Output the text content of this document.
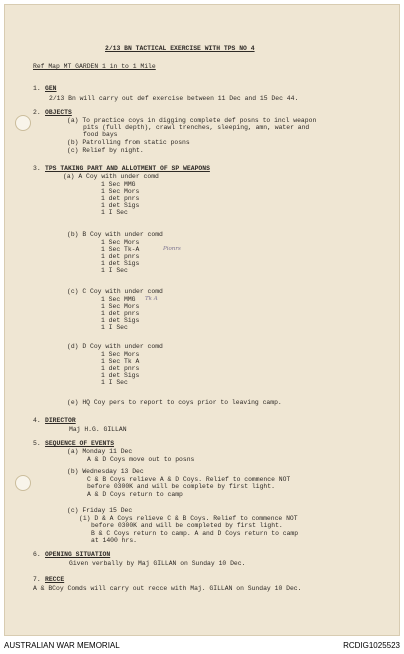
2/13 BN TACTICAL EXERCISE WITH TPS NO 4
Ref Map MT GARDEN 1 in to 1 Mile
1. GEN
2/13 Bn will carry out def exercise between 11 Dec and 15 Dec 44.
2. OBJECTS
(a) To practice coys in digging complete def posns to incl weapon
pits (full depth), crawl trenches, sleeping, amn, water and
food bays
(b) Patrolling from static posns
(c) Relief by night.
3. TPS TAKING PART AND ALLOTMENT OF SP WEAPONS
(a) A Coy with under comd
1 Sec MMG
1 Sec Mors
1 det pnrs
1 det Sigs
1 I Sec
(b) B Coy with under comd
1 Sec Mors
1 Sec Tk-A	Pionrs
1 det pnrs
1 det Sigs
1 I Sec
(c) C Coy with under comd
1 Sec MMG Tk A
1 Sec Mors
1 det pnrs
1 det Sigs
1 I Sec
(d) D Coy with under comd
1 Sec Mors
1 Sec Tk A
1 det pnrs
1 det Sigs
1 I Sec
(e) HQ Coy pers to report to coys prior to leaving camp.
4. DIRECTOR
Maj H.G. GILLAN
5. SEQUENCE OF EVENTS
(a) Monday 11 Dec
A & D Coys move out to posns
(b) Wednesday 13 Dec
C & B Coys relieve A & D Coys. Relief to commence NOT
before 0300K and will be complete by first light.
A & D Coys return to camp
(c) Friday 15 Dec
(i) D & A Coys relieve C & B Coys. Relief to commence NOT
before 0300K and will be completed by first light.
B & C Coys return to camp. A and D Coys return to camp
at 1400 hrs.
6. OPENING SITUATION
Given verbally by Maj GILLAN on Sunday 10 Dec.
7. RECCE
A & BCoy Comds will carry out recce with Maj. GILLAN on Sunday 10 Dec.
AUSTRALIAN WAR MEMORIAL	RCDIG1025523
